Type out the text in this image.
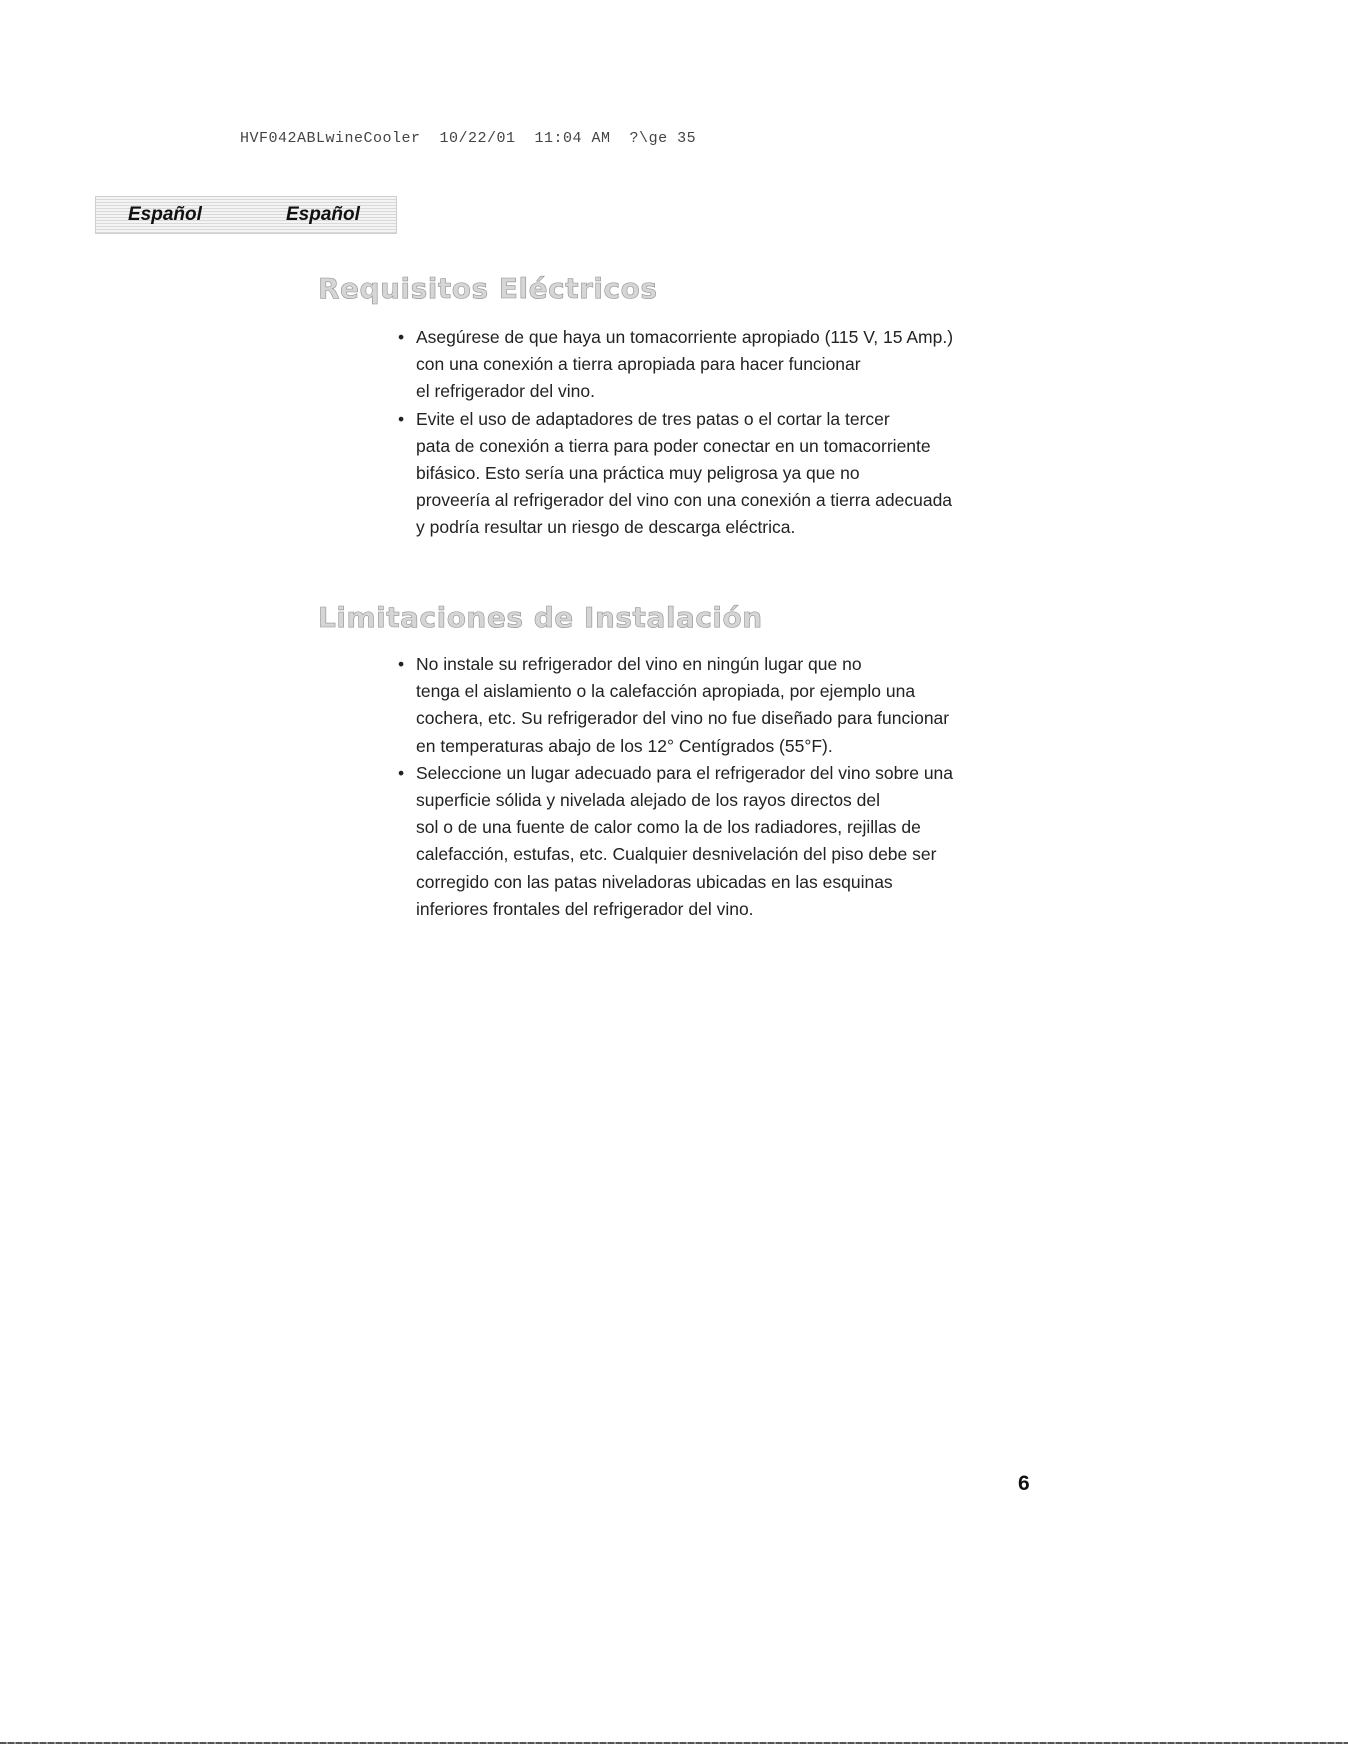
HVF042ABLwineCooler  10/22/01  11:04 AM  ?\ge 35
Español	Español
Requisitos Eléctricos
• Asegúrese de que haya un tomacorriente apropiado (115 V, 15 Amp.)
con una conexión a tierra apropiada para hacer funcionar
el refrigerador del vino.
• Evite el uso de adaptadores de tres patas o el cortar la tercer
pata de conexión a tierra para poder conectar en un tomacorriente
bifásico. Esto sería una práctica muy peligrosa ya que no
proveería al refrigerador del vino con una conexión a tierra adecuada
y podría resultar un riesgo de descarga eléctrica.
Limitaciones de Instalación
• No instale su refrigerador del vino en ningún lugar que no
tenga el aislamiento o la calefacción apropiada, por ejemplo una
cochera, etc. Su refrigerador del vino no fue diseñado para funcionar
en temperaturas abajo de los 12° Centígrados (55°F).
• Seleccione un lugar adecuado para el refrigerador del vino sobre una
superficie sólida y nivelada alejado de los rayos directos del
sol o de una fuente de calor como la de los radiadores, rejillas de
calefacción, estufas, etc. Cualquier desnivelación del piso debe ser
corregido con las patas niveladoras ubicadas en las esquinas
inferiores frontales del refrigerador del vino.
6
